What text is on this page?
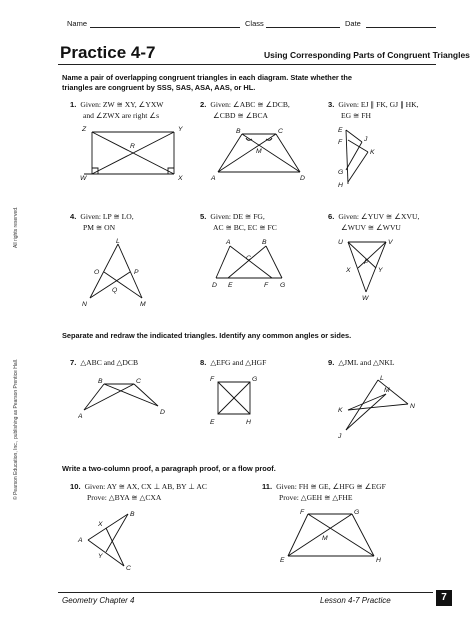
Name	Class	Date
Practice 4-7	Using Corresponding Parts of Congruent Triangles
© Pearson Education, Inc., publishing as Pearson Prentice Hall.
All rights reserved.
Name a pair of overlapping congruent triangles in each diagram. State whether the triangles are congruent by SSS, SAS, ASA, AAS, or HL.
1. Given: ZW ≅ XY, ∠YXW
and ∠ZWX are right ∠s
2. Given: ∠ABC ≅ ∠DCB,
∠CBD ≅ ∠BCA
3. Given: EJ ∥ FK, GJ ∥ HK,
EG ≅ FH
Z	Y
R
W	X
B	C
M
A	D
E
J
F
K
G
H
4. Given: LP ≅ LO,
PM ≅ ON
5. Given: DE ≅ FG,
AC ≅ BC, EC ≅ FC
6. Given: ∠YUV ≅ ∠XVU,
∠WUV ≅ ∠WVU
L
O	P
Q
N	M
A	B
C
D E	F G
U	V
P
X	Y
W
Separate and redraw the indicated triangles. Identify any common angles or sides.
7. △ABC and △DCB	8. △EFG and △HGF	9. △JML and △NKL
B	C
A
D
F	G
E	H
L
M
N
K
J
Write a two-column proof, a paragraph proof, or a flow proof.
10. Given: AY ≅ AX, CX ⊥ AB, BY ⊥ AC
Prove: △BYA ≅ △CXA
11. Given: FH ≅ GE, ∠HFG ≅ ∠EGF
Prove: △GEH ≅ △FHE
B
X
A
C
Y
F	G
M
E	H
Geometry Chapter 4	Lesson 4-7 Practice	7
